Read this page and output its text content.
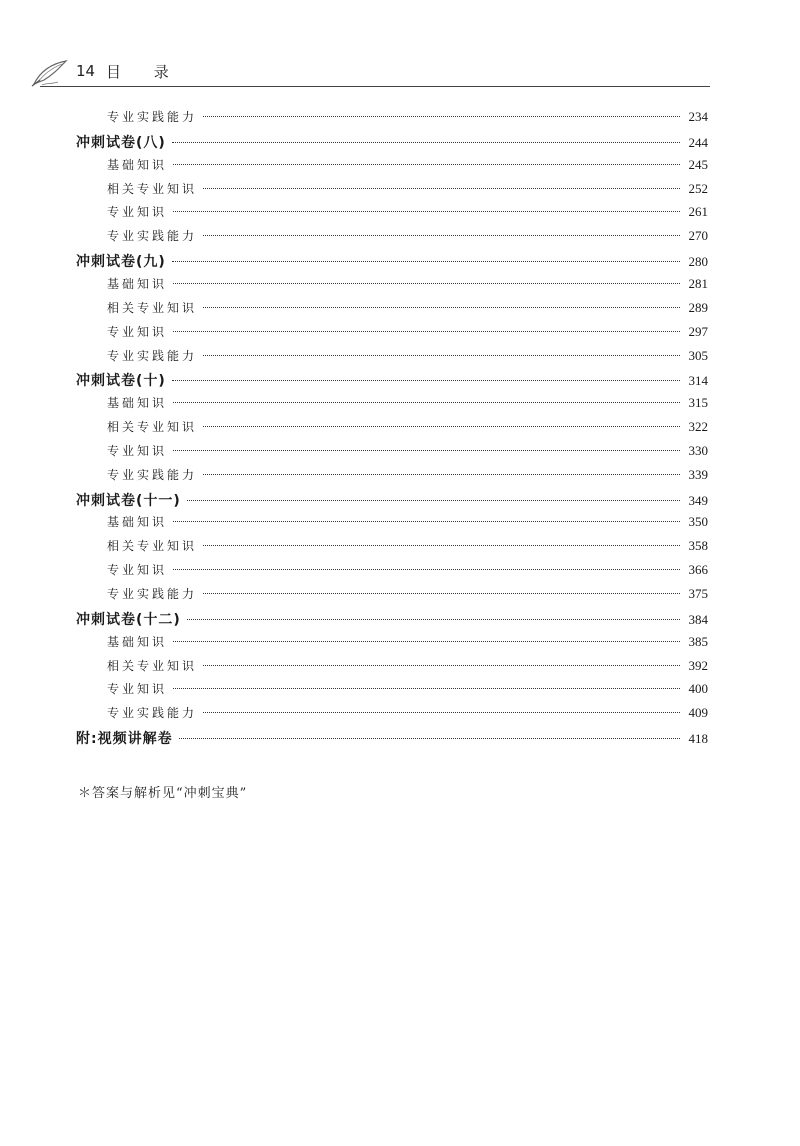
14 目 录
专业实践能力	234
冲刺试卷(八)	244
基础知识	245
相关专业知识	252
专业知识	261
专业实践能力	270
冲刺试卷(九)	280
基础知识	281
相关专业知识	289
专业知识	297
专业实践能力	305
冲刺试卷(十)	314
基础知识	315
相关专业知识	322
专业知识	330
专业实践能力	339
冲刺试卷(十一)	349
基础知识	350
相关专业知识	358
专业知识	366
专业实践能力	375
冲刺试卷(十二)	384
基础知识	385
相关专业知识	392
专业知识	400
专业实践能力	409
附:视频讲解卷	418
＊答案与解析见“冲刺宝典”
